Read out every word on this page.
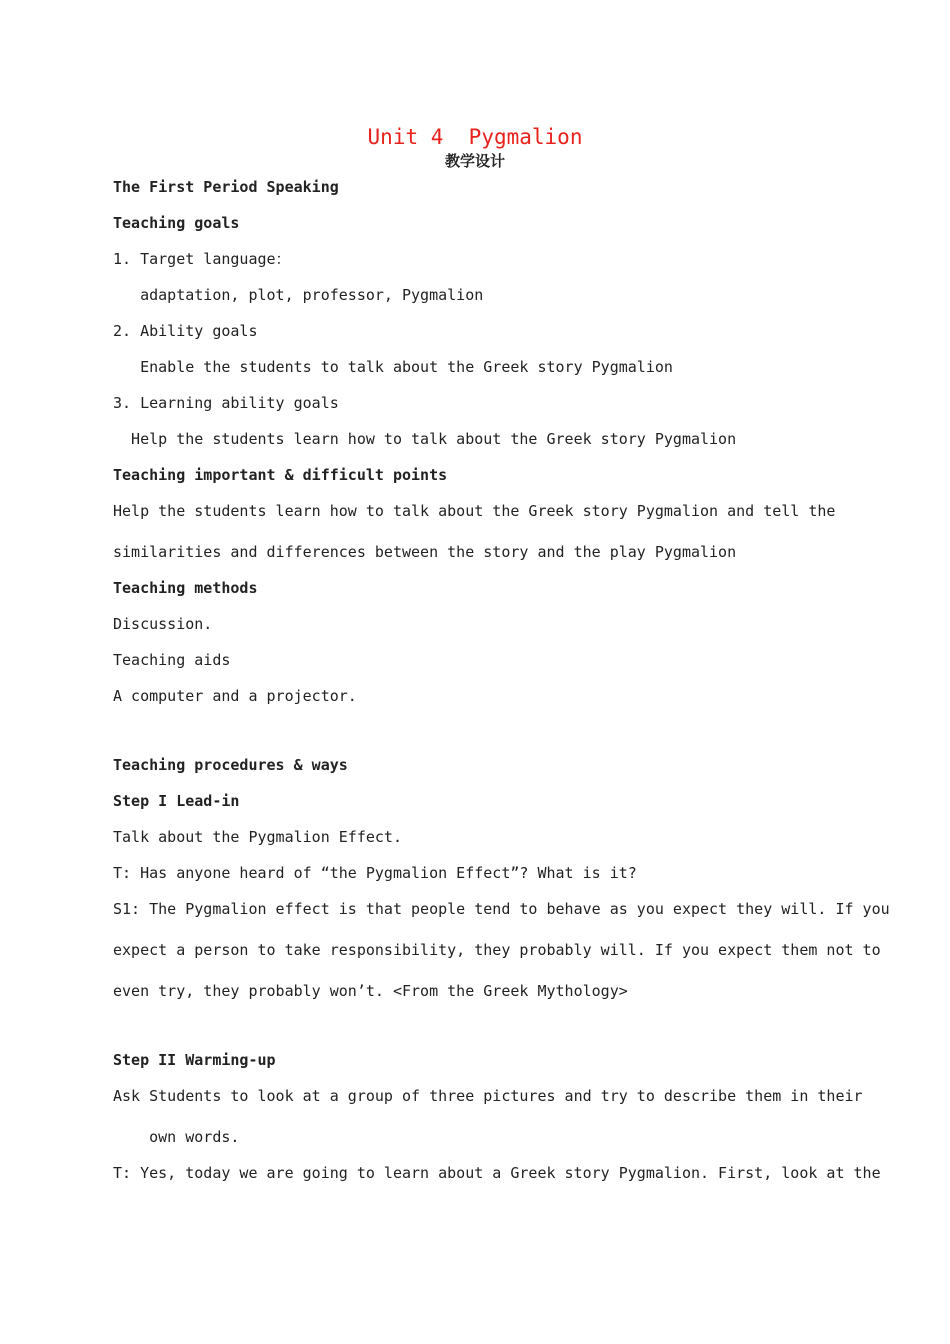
Unit 4  Pygmalion
教学设计
The First Period Speaking
Teaching goals
1. Target language：
adaptation, plot, professor, Pygmalion
2. Ability goals
Enable the students to talk about the Greek story Pygmalion
3. Learning ability goals
Help the students learn how to talk about the Greek story Pygmalion
Teaching important & difficult points
Help the students learn how to talk about the Greek story Pygmalion and tell the
similarities and differences between the story and the play Pygmalion
Teaching methods
Discussion.
Teaching aids
A computer and a projector.
Teaching procedures & ways
Step I Lead-in
Talk about the Pygmalion Effect.
T: Has anyone heard of “the Pygmalion Effect”? What is it?
S1: The Pygmalion effect is that people tend to behave as you expect they will. If you
expect a person to take responsibility, they probably will. If you expect them not to
even try, they probably won’t. <From the Greek Mythology>
Step II Warming-up
Ask Students to look at a group of three pictures and try to describe them in their
own words.
T: Yes, today we are going to learn about a Greek story Pygmalion. First, look at the
